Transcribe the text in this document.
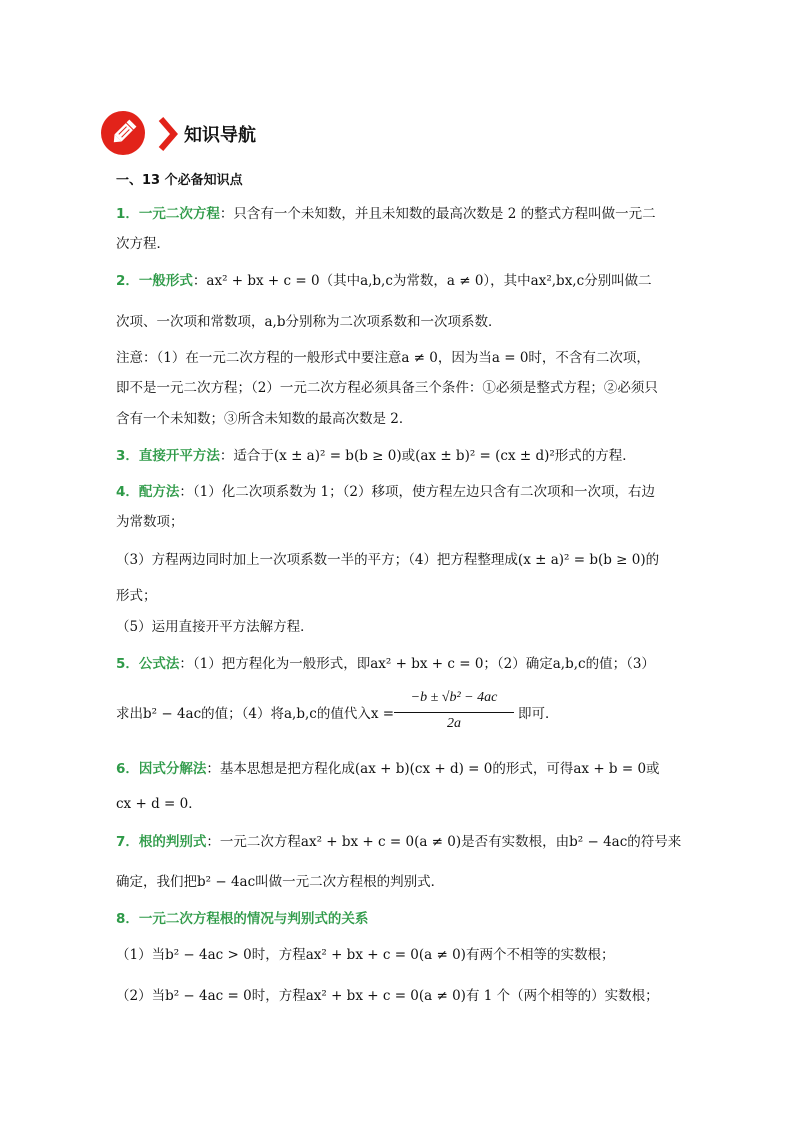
知识导航
一、13 个必备知识点
1．一元二次方程：只含有一个未知数，并且未知数的最高次数是 2 的整式方程叫做一元二
次方程．
2．一般形式：ax² + bx + c = 0（其中a,b,c为常数，a ≠ 0），其中ax²,bx,c分别叫做二
次项、一次项和常数项，a,b分别称为二次项系数和一次项系数．
注意：（1）在一元二次方程的一般形式中要注意a ≠ 0，因为当a = 0时，不含有二次项，
即不是一元二次方程；（2）一元二次方程必须具备三个条件：①必须是整式方程；②必须只
含有一个未知数；③所含未知数的最高次数是 2．
3．直接开平方法：适合于(x ± a)² = b(b ≥ 0)或(ax ± b)² = (cx ± d)²形式的方程．
4．配方法：（1）化二次项系数为 1；（2）移项，使方程左边只含有二次项和一次项，右边
为常数项；
（3）方程两边同时加上一次项系数一半的平方；（4）把方程整理成(x ± a)² = b(b ≥ 0)的
形式；
（5）运用直接开平方法解方程．
5．公式法：（1）把方程化为一般形式，即ax² + bx + c = 0；（2）确定a,b,c的值；（3）
求出b² − 4ac的值；（4）将a,b,c的值代入x =
−b ± √b² − 4ac
2a
即可．
6．因式分解法：基本思想是把方程化成(ax + b)(cx + d) = 0的形式，可得ax + b = 0或
cx + d = 0．
7．根的判别式：一元二次方程ax² + bx + c = 0(a ≠ 0)是否有实数根，由b² − 4ac的符号来
确定，我们把b² − 4ac叫做一元二次方程根的判别式．
8．一元二次方程根的情况与判别式的关系
（1）当b² − 4ac > 0时，方程ax² + bx + c = 0(a ≠ 0)有两个不相等的实数根；
（2）当b² − 4ac = 0时，方程ax² + bx + c = 0(a ≠ 0)有 1 个（两个相等的）实数根；
